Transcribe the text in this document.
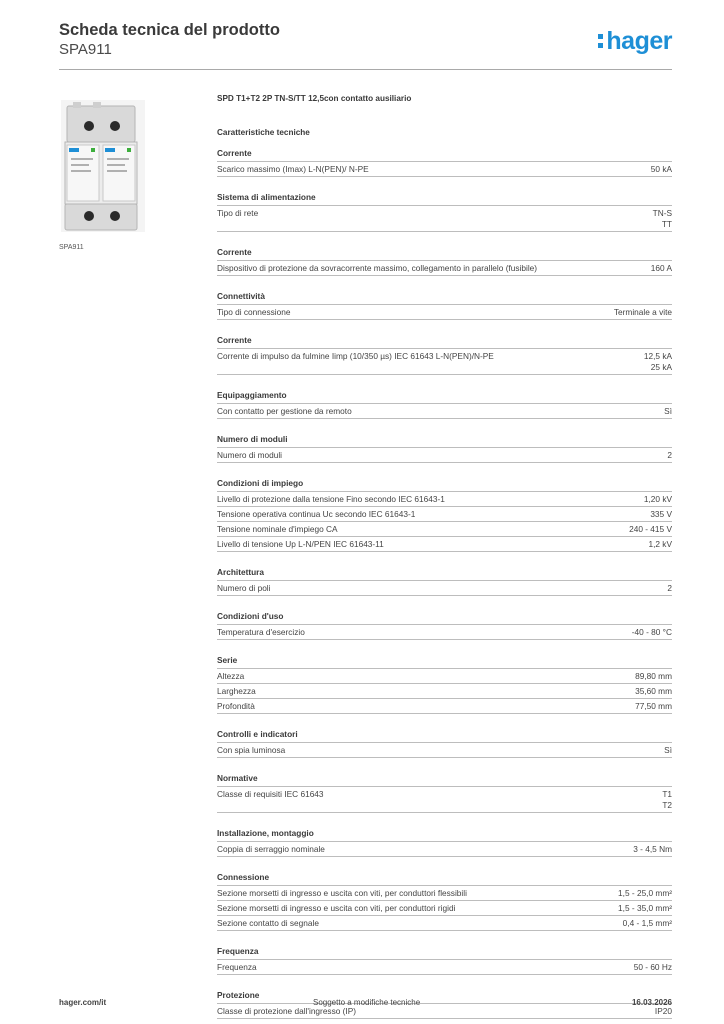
Scheda tecnica del prodotto
SPA911	hager
SPA911
SPD T1+T2 2P TN-S/TT 12,5con contatto ausiliario
Caratteristiche tecniche
Corrente
Scarico massimo (Imax) L-N(PEN)/ N-PE	50 kA
Sistema di alimentazione
Tipo di rete	TN-S
TT
Corrente
Dispositivo di protezione da sovracorrente massimo, collegamento in parallelo (fusibile)	160 A
Connettività
Tipo di connessione	Terminale a vite
Corrente
Corrente di impulso da fulmine Iimp (10/350 µs) IEC 61643 L-N(PEN)/N-PE	12,5 kA
25 kA
Equipaggiamento
Con contatto per gestione da remoto	Sì
Numero di moduli
Numero di moduli	2
Condizioni di impiego
Livello di protezione dalla tensione Fino secondo IEC 61643-1	1,20 kV
Tensione operativa continua Uc secondo IEC 61643-1	335 V
Tensione nominale d'impiego CA	240 - 415 V
Livello di tensione Up L-N/PEN IEC 61643-11	1,2 kV
Architettura
Numero di poli	2
Condizioni d'uso
Temperatura d'esercizio	-40 - 80 °C
Serie
Altezza	89,80 mm
Larghezza	35,60 mm
Profondità	77,50 mm
Controlli e indicatori
Con spia luminosa	Sì
Normative
Classe di requisiti IEC 61643	T1
T2
Installazione, montaggio
Coppia di serraggio nominale	3 - 4,5 Nm
Connessione
Sezione morsetti di ingresso e uscita con viti, per conduttori flessibili	1,5 - 25,0 mm²
Sezione morsetti di ingresso e uscita con viti, per conduttori rigidi	1,5 - 35,0 mm²
Sezione contatto di segnale	0,4 - 1,5 mm²
Frequenza
Frequenza	50 - 60 Hz
Protezione
Classe di protezione dall'ingresso (IP)	IP20
hager.com/it	Soggetto a modifiche tecniche	16.03.2026
